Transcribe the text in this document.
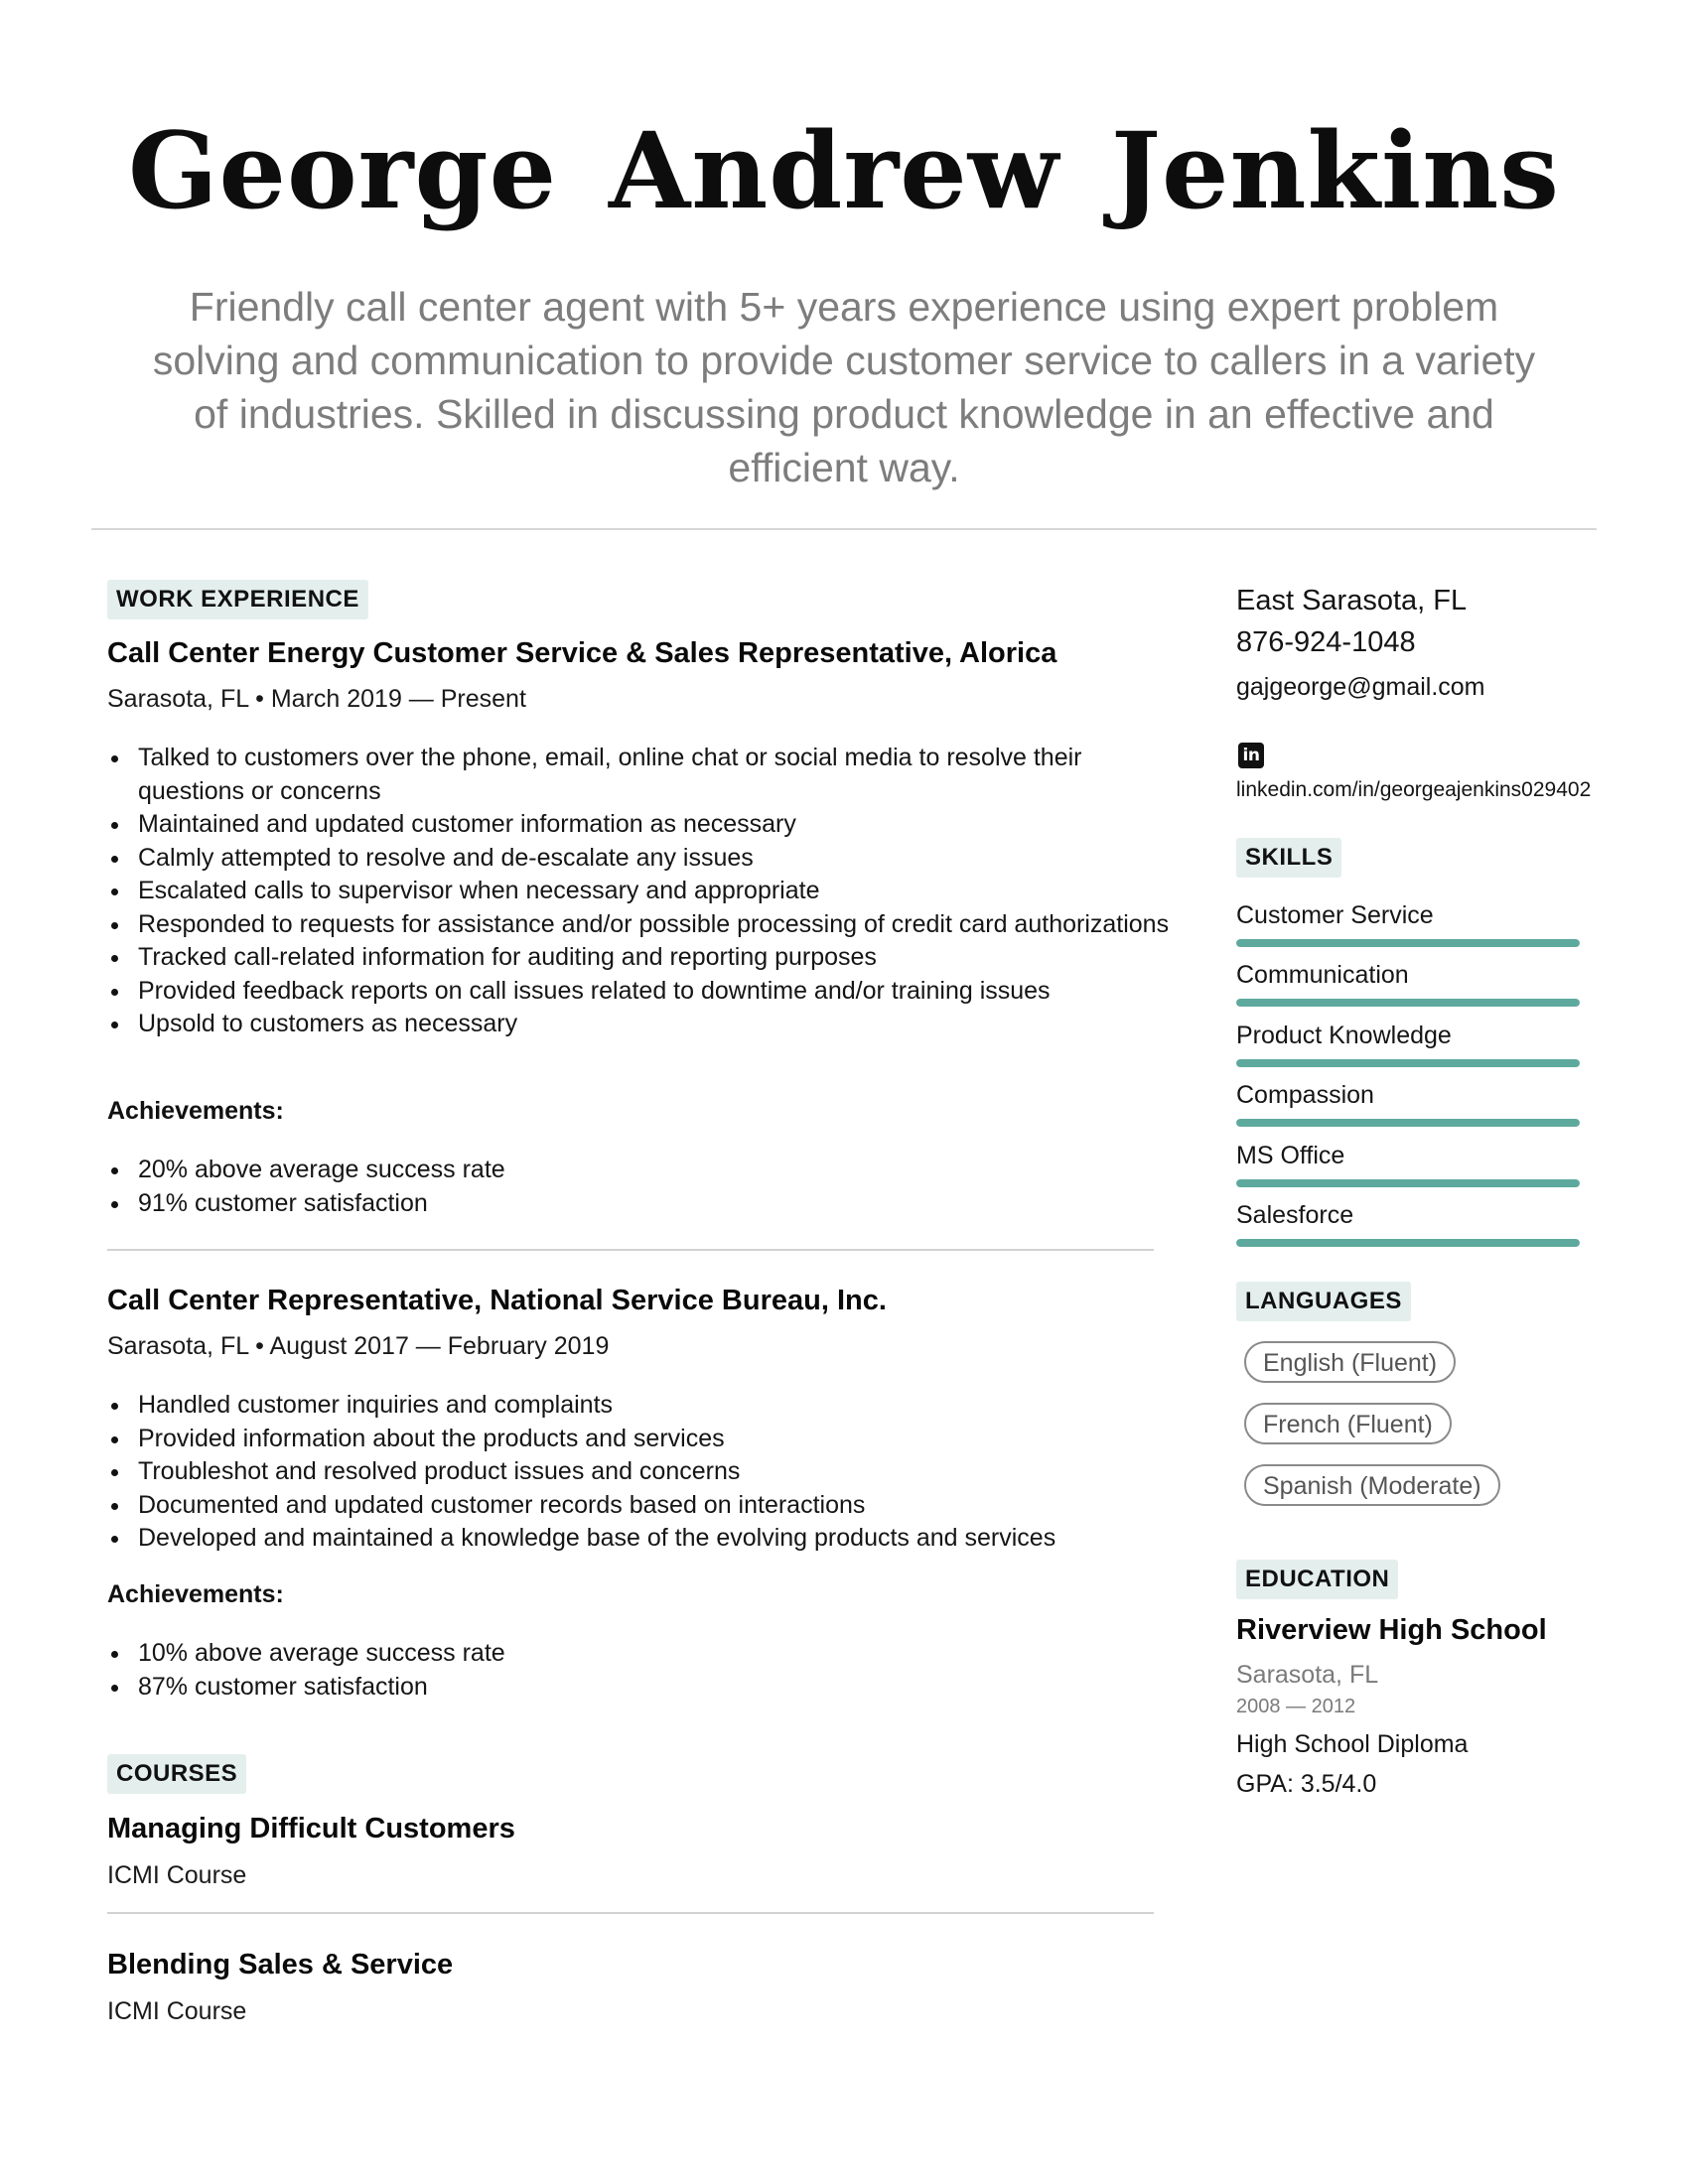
George Andrew Jenkins

Friendly call center agent with 5+ years experience using expert problem solving and communication to provide customer service to callers in a variety of industries. Skilled in discussing product knowledge in an effective and efficient way.

WORK EXPERIENCE
Call Center Energy Customer Service & Sales Representative, Alorica
Sarasota, FL • March 2019 — Present
Talked to customers over the phone, email, online chat or social media to resolve their questions or concerns
Maintained and updated customer information as necessary
Calmly attempted to resolve and de-escalate any issues
Escalated calls to supervisor when necessary and appropriate
Responded to requests for assistance and/or possible processing of credit card authorizations
Tracked call-related information for auditing and reporting purposes
Provided feedback reports on call issues related to downtime and/or training issues
Upsold to customers as necessary
Achievements:
20% above average success rate
91% customer satisfaction
Call Center Representative, National Service Bureau, Inc.
Sarasota, FL • August 2017 — February 2019
Handled customer inquiries and complaints
Provided information about the products and services
Troubleshot and resolved product issues and concerns
Documented and updated customer records based on interactions
Developed and maintained a knowledge base of the evolving products and services
Achievements:
10% above average success rate
87% customer satisfaction
COURSES
Managing Difficult Customers
ICMI Course
Blending Sales & Service
ICMI Course
East Sarasota, FL
876-924-1048
gajgeorge@gmail.com
in
linkedin.com/in/georgeajenkins029402
SKILLS
Customer Service
Communication
Product Knowledge
Compassion
MS Office
Salesforce
LANGUAGES
English (Fluent)
French (Fluent)
Spanish (Moderate)
EDUCATION
Riverview High School
Sarasota, FL
2008 — 2012
High School Diploma
GPA: 3.5/4.0
